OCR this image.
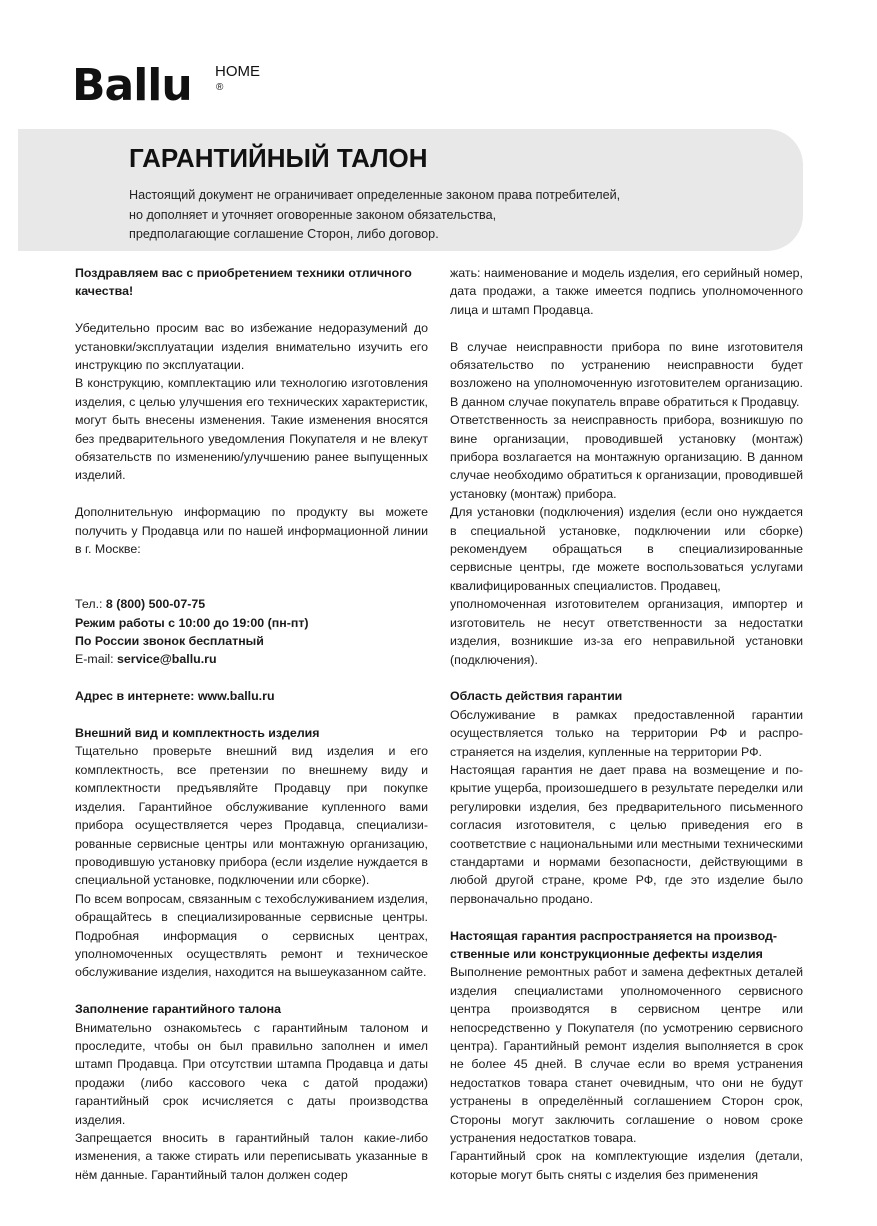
Ballu HOME
®
ГАРАНТИЙНЫЙ ТАЛОН
Настоящий документ не ограничивает определенные законом права потребителей,
но дополняет и уточняет оговоренные законом обязательства,
предполагающие соглашение Сторон, либо договор.

Поздравляем вас с приобретением техники отличного качества!

Убедительно просим вас во избежание недоразумений до установки/эксплуатации изделия внимательно изучить его инструкцию по эксплуатации.

В конструкцию, комплектацию или технологию изготовления изделия, с целью улучшения его технических характеристик, могут быть внесены изменения. Такие изменения вносятся без предварительного уведомления Покупателя и не влекут обязательств по изменению/улучшению ранее выпущенных изделий.

Дополнительную информацию по продукту вы можете получить у Продавца или по нашей информационной линии в г. Москве:

Тел.: 8 (800) 500-07-75

Режим работы с 10:00 до 19:00 (пн-пт)

По России звонок бесплатный

E-mail: service@ballu.ru

Адрес в интернете: www.ballu.ru

Внешний вид и комплектность изделия

Тщательно проверьте внешний вид изделия и его комплектность, все претензии по внешнему виду и комплектности предъявляйте Продавцу при покупке изделия. Гарантийное обслуживание купленного вами прибора осуществляется через Продавца, специализированные сервисные центры или монтажную организацию, проводившую установку прибора (если изделие нуждается в специальной установке, подключении или сборке).

По всем вопросам, связанным с техобслуживанием изделия, обращайтесь в специализированные сервисные центры. Подробная информация о сервисных центрах, уполномоченных осуществлять ремонт и техническое обслуживание изделия, находится на вышеуказанном сайте.

Заполнение гарантийного талона

Внимательно ознакомьтесь с гарантийным талоном и проследите, чтобы он был правильно заполнен и имел штамп Продавца. При отсутствии штампа Продавца и даты продажи (либо кассового чека с датой продажи) гарантийный срок исчисляется с даты производства изделия.

Запрещается вносить в гарантийный талон какие-либо изменения, а также стирать или переписывать указанные в нём данные. Гарантийный талон должен содер

жать: наименование и модель изделия, его серийный номер, дата продажи, а также имеется подпись уполномоченного лица и штамп Продавца.

В случае неисправности прибора по вине изготовителя обязательство по устранению неисправности будет возложено на уполномоченную изготовителем организацию. В данном случае покупатель вправе обратиться к Продавцу.

Ответственность за неисправность прибора, возникшую по вине организации, проводившей установку (монтаж) прибора возлагается на монтажную организацию. В данном случае необходимо обратиться к организации, проводившей установку (монтаж) прибора.

Для установки (подключения) изделия (если оно нуждается в специальной установке, подключении или сборке) рекомендуем обращаться в специализированные сервисные центры, где можете воспользоваться услугами квалифицированных специалистов. Продавец,

уполномоченная изготовителем организация, импортер и изготовитель не несут ответственности за недостатки изделия, возникшие из-за его неправильной установки (подключения).

Область действия гарантии

Обслуживание в рамках предоставленной гарантии осуществляется только на территории РФ и распространяется на изделия, купленные на территории РФ.

Настоящая гарантия не дает права на возмещение и покрытие ущерба, произошедшего в результате переделки или регулировки изделия, без предварительного письменного согласия изготовителя, с целью приведения его в соответствие с национальными или местными техническими стандартами и нормами безопасности, действующими в любой другой стране, кроме РФ, где это изделие было первоначально продано.

Настоящая гарантия распространяется на производственные или конструкционные дефекты изделия

Выполнение ремонтных работ и замена дефектных деталей изделия специалистами уполномоченного сервисного центра производятся в сервисном центре или непосредственно у Покупателя (по усмотрению сервисного центра). Гарантийный ремонт изделия выполняется в срок не более 45 дней. В случае если во время устранения недостатков товара станет очевидным, что они не будут устранены в определённый соглашением Сторон срок, Стороны могут заключить соглашение о новом сроке устранения недостатков товара.

Гарантийный срок на комплектующие изделия (детали, которые могут быть сняты с изделия без применения
